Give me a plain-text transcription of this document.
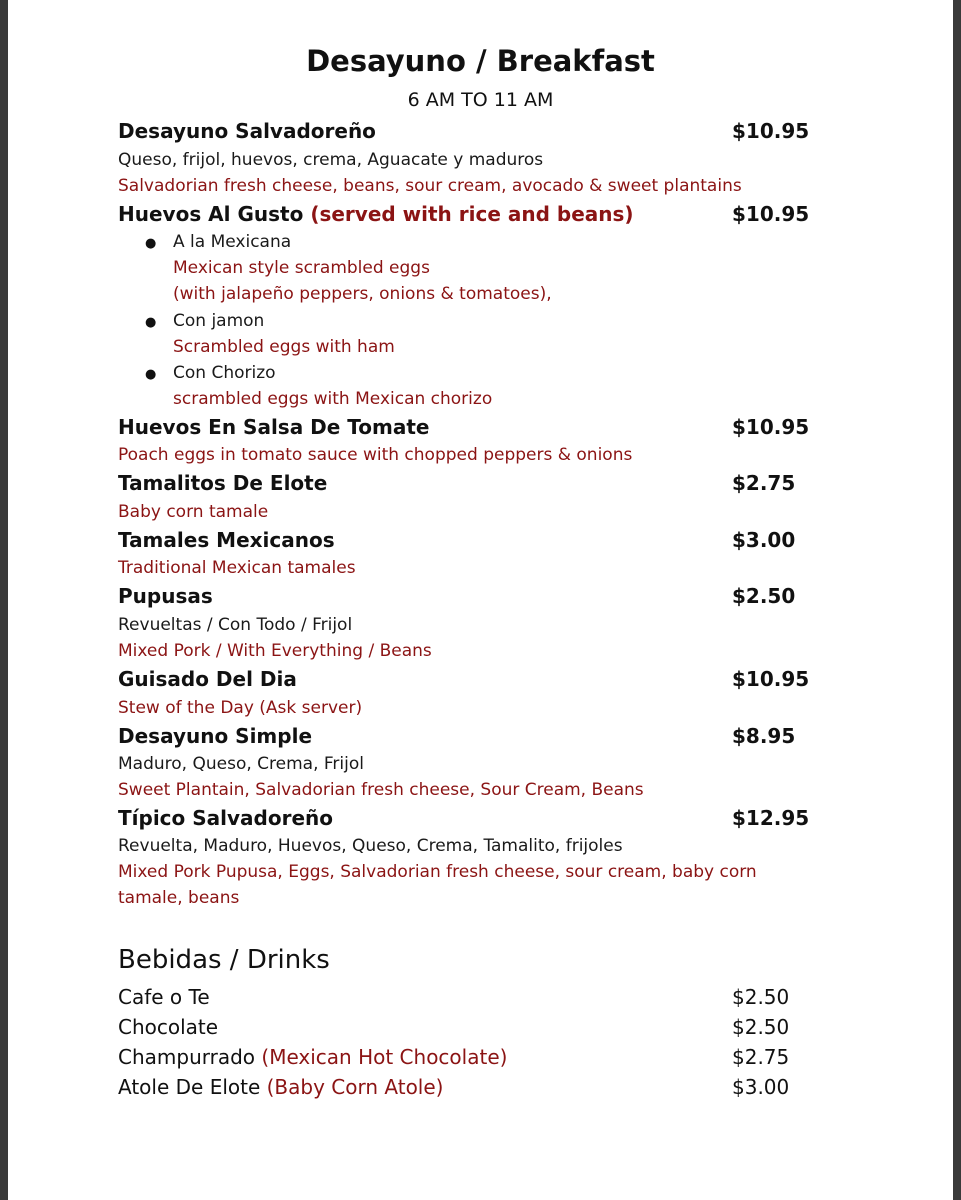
Desayuno / Breakfast
6 AM TO 11 AM
Desayuno Salvadoreño	$10.95
Queso, frijol, huevos, crema, Aguacate y maduros
Salvadorian fresh cheese, beans, sour cream, avocado & sweet plantains
Huevos Al Gusto (served with rice and beans)	$10.95
● A la Mexicana
Mexican style scrambled eggs
(with jalapeño peppers, onions & tomatoes),
● Con jamon
Scrambled eggs with ham
● Con Chorizo
scrambled eggs with Mexican chorizo
Huevos En Salsa De Tomate	$10.95
Poach eggs in tomato sauce with chopped peppers & onions
Tamalitos De Elote	$2.75
Baby corn tamale
Tamales Mexicanos	$3.00
Traditional Mexican tamales
Pupusas	$2.50
Revueltas / Con Todo / Frijol
Mixed Pork / With Everything / Beans
Guisado Del Dia	$10.95
Stew of the Day (Ask server)
Desayuno Simple	$8.95
Maduro, Queso, Crema, Frijol
Sweet Plantain, Salvadorian fresh cheese, Sour Cream, Beans
Típico Salvadoreño	$12.95
Revuelta, Maduro, Huevos, Queso, Crema, Tamalito, frijoles
Mixed Pork Pupusa, Eggs, Salvadorian fresh cheese, sour cream, baby corn
tamale, beans
Bebidas / Drinks
Cafe o Te	$2.50
Chocolate	$2.50
Champurrado (Mexican Hot Chocolate)	$2.75
Atole De Elote (Baby Corn Atole)	$3.00
